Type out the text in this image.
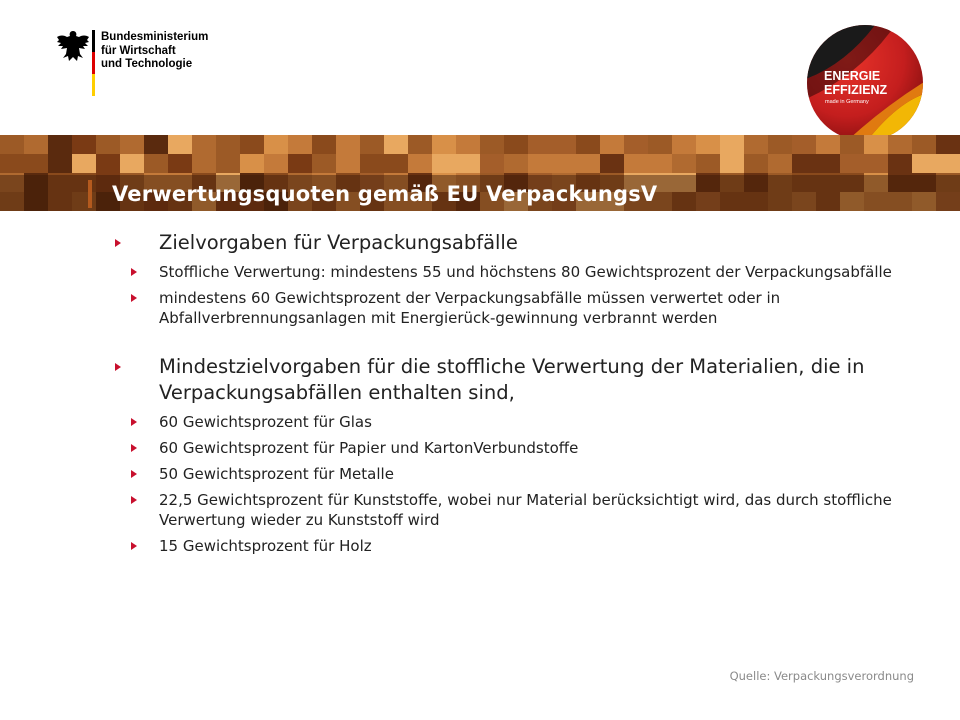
Bundesministerium
für Wirtschaft
und Technologie
ENERGIE
EFFIZIENZ
made in Germany
Verwertungsquoten gemäß EU VerpackungsV
Zielvorgaben für Verpackungsabfälle
Stoffliche Verwertung: mindestens 55 und höchstens 80 Gewichtsprozent der Verpackungsabfälle
mindestens 60 Gewichtsprozent der Verpackungsabfälle müssen verwertet oder in Abfallverbrennungsanlagen mit Energierück-gewinnung verbrannt werden
Mindestzielvorgaben für die stoffliche Verwertung der Materialien, die in Verpackungsabfällen enthalten sind,
60 Gewichtsprozent für Glas
60 Gewichtsprozent für Papier und KartonVerbundstoffe
50 Gewichtsprozent für Metalle
22,5 Gewichtsprozent für Kunststoffe, wobei nur Material berücksichtigt wird, das durch stoffliche Verwertung wieder zu Kunststoff wird
15 Gewichtsprozent für Holz
Quelle: Verpackungsverordnung
